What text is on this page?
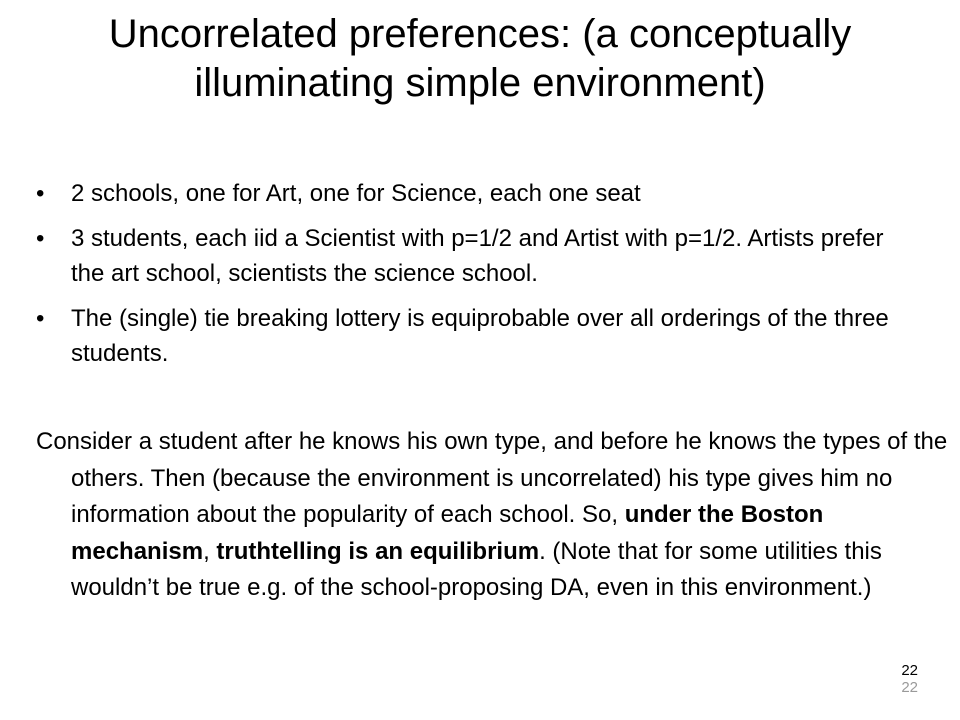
Uncorrelated preferences: (a conceptually illuminating simple environment)
• 2 schools, one for Art, one for Science, each one seat
• 3 students, each iid a Scientist with p=1/2 and Artist with p=1/2. Artists prefer the art school, scientists the science school.
• The (single) tie breaking lottery is equiprobable over all orderings of the three students.

Consider a student after he knows his own type, and before he knows the types of the others. Then (because the environment is uncorrelated) his type gives him no information about the popularity of each school. So, under the Boston mechanism, truthtelling is an equilibrium. (Note that for some utilities this wouldn’t be true e.g. of the school-proposing DA, even in this environment.)

22
22
